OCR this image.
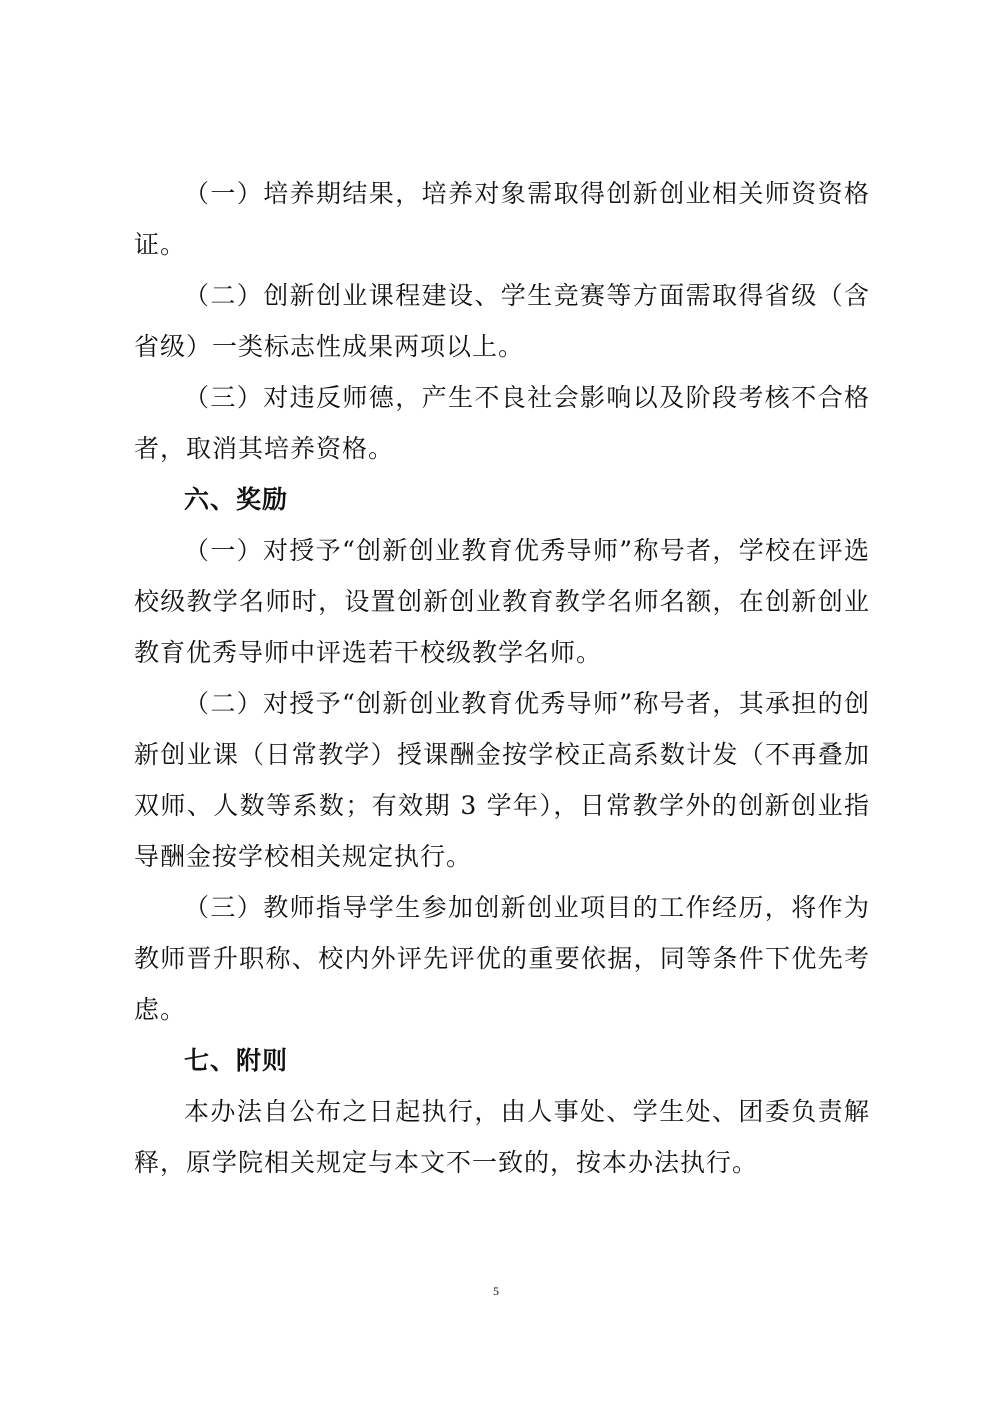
（一）培养期结果，培养对象需取得创新创业相关师资资格证。

（二）创新创业课程建设、学生竞赛等方面需取得省级（含省级）一类标志性成果两项以上。

（三）对违反师德，产生不良社会影响以及阶段考核不合格者，取消其培养资格。

六、奖励

（一）对授予“创新创业教育优秀导师”称号者，学校在评选校级教学名师时，设置创新创业教育教学名师名额，在创新创业教育优秀导师中评选若干校级教学名师。

（二）对授予“创新创业教育优秀导师”称号者，其承担的创新创业课（日常教学）授课酬金按学校正高系数计发（不再叠加双师、人数等系数；有效期 3 学年），日常教学外的创新创业指导酬金按学校相关规定执行。

（三）教师指导学生参加创新创业项目的工作经历，将作为教师晋升职称、校内外评先评优的重要依据，同等条件下优先考虑。

七、附则

本办法自公布之日起执行，由人事处、学生处、团委负责解释，原学院相关规定与本文不一致的，按本办法执行。

5
